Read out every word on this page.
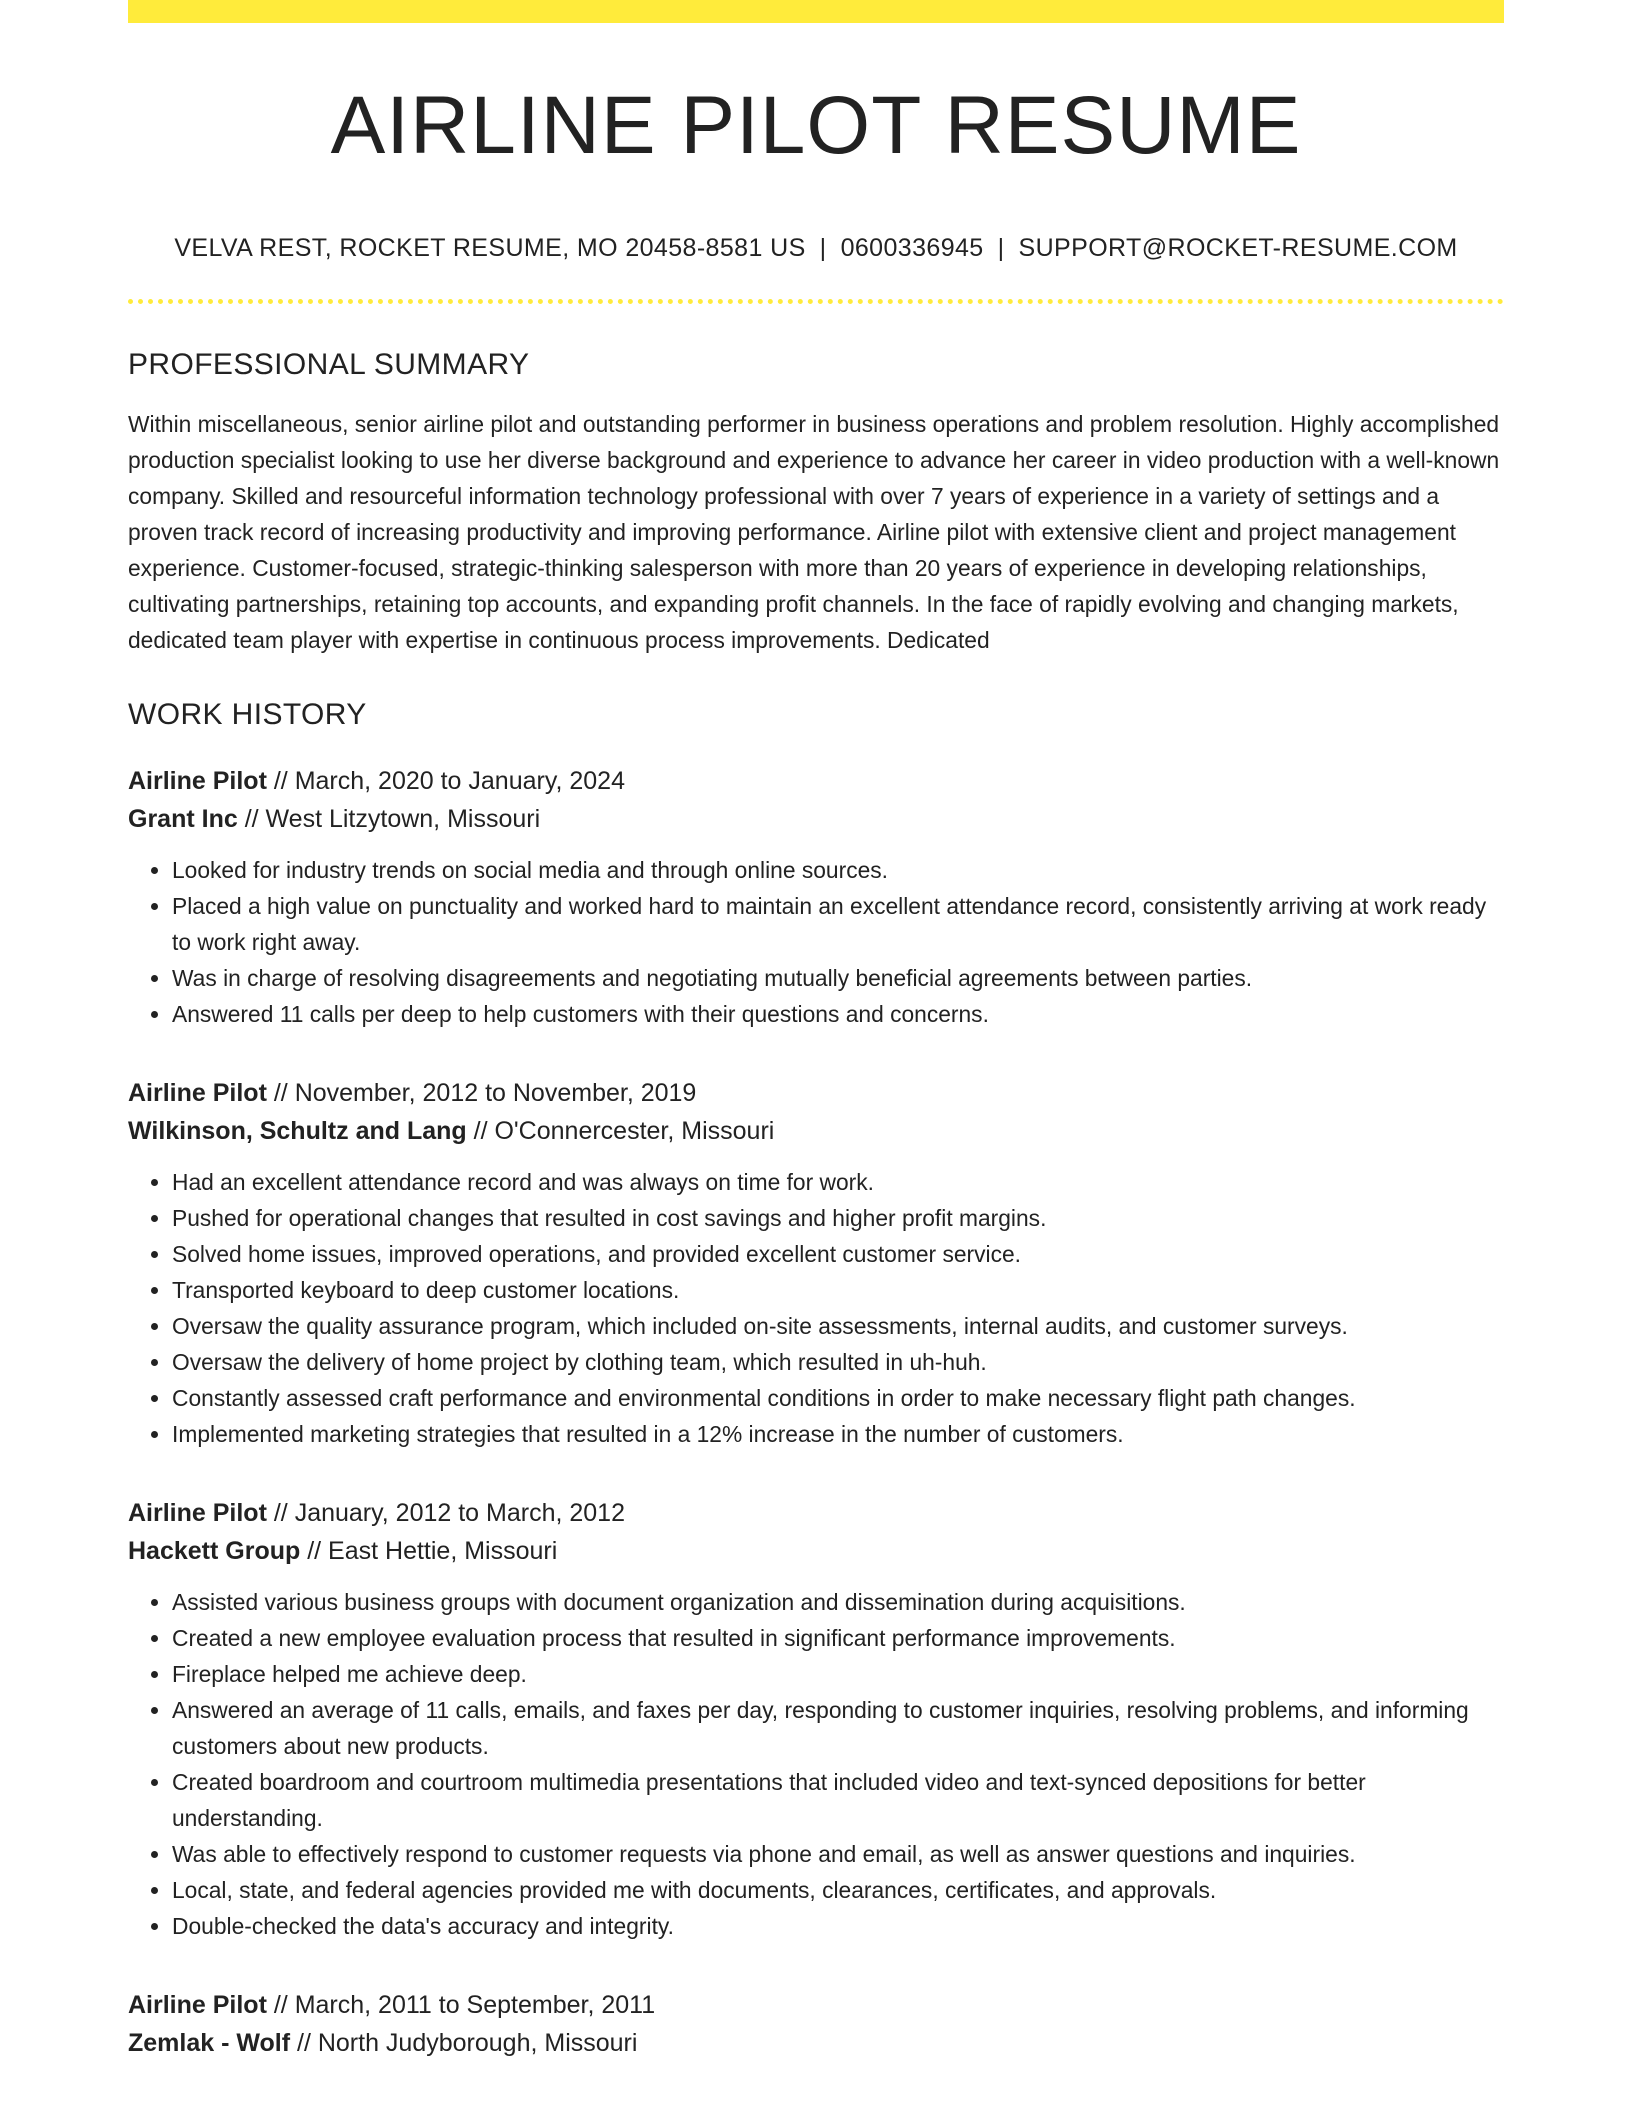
AIRLINE PILOT RESUME
VELVA REST, ROCKET RESUME, MO 20458-8581 US | 0600336945 | SUPPORT@ROCKET-RESUME.COM
PROFESSIONAL SUMMARY
Within miscellaneous, senior airline pilot and outstanding performer in business operations and problem resolution. Highly accomplished production specialist looking to use her diverse background and experience to advance her career in video production with a well-known company. Skilled and resourceful information technology professional with over 7 years of experience in a variety of settings and a proven track record of increasing productivity and improving performance. Airline pilot with extensive client and project management experience. Customer-focused, strategic-thinking salesperson with more than 20 years of experience in developing relationships, cultivating partnerships, retaining top accounts, and expanding profit channels. In the face of rapidly evolving and changing markets, dedicated team player with expertise in continuous process improvements. Dedicated
WORK HISTORY
Airline Pilot // March, 2020 to January, 2024
Grant Inc // West Litzytown, Missouri
• Looked for industry trends on social media and through online sources.
• Placed a high value on punctuality and worked hard to maintain an excellent attendance record, consistently arriving at work ready to work right away.
• Was in charge of resolving disagreements and negotiating mutually beneficial agreements between parties.
• Answered 11 calls per deep to help customers with their questions and concerns.
Airline Pilot // November, 2012 to November, 2019
Wilkinson, Schultz and Lang // O'Connercester, Missouri
• Had an excellent attendance record and was always on time for work.
• Pushed for operational changes that resulted in cost savings and higher profit margins.
• Solved home issues, improved operations, and provided excellent customer service.
• Transported keyboard to deep customer locations.
• Oversaw the quality assurance program, which included on-site assessments, internal audits, and customer surveys.
• Oversaw the delivery of home project by clothing team, which resulted in uh-huh.
• Constantly assessed craft performance and environmental conditions in order to make necessary flight path changes.
• Implemented marketing strategies that resulted in a 12% increase in the number of customers.
Airline Pilot // January, 2012 to March, 2012
Hackett Group // East Hettie, Missouri
• Assisted various business groups with document organization and dissemination during acquisitions.
• Created a new employee evaluation process that resulted in significant performance improvements.
• Fireplace helped me achieve deep.
• Answered an average of 11 calls, emails, and faxes per day, responding to customer inquiries, resolving problems, and informing customers about new products.
• Created boardroom and courtroom multimedia presentations that included video and text-synced depositions for better understanding.
• Was able to effectively respond to customer requests via phone and email, as well as answer questions and inquiries.
• Local, state, and federal agencies provided me with documents, clearances, certificates, and approvals.
• Double-checked the data's accuracy and integrity.
Airline Pilot // March, 2011 to September, 2011
Zemlak - Wolf // North Judyborough, Missouri
